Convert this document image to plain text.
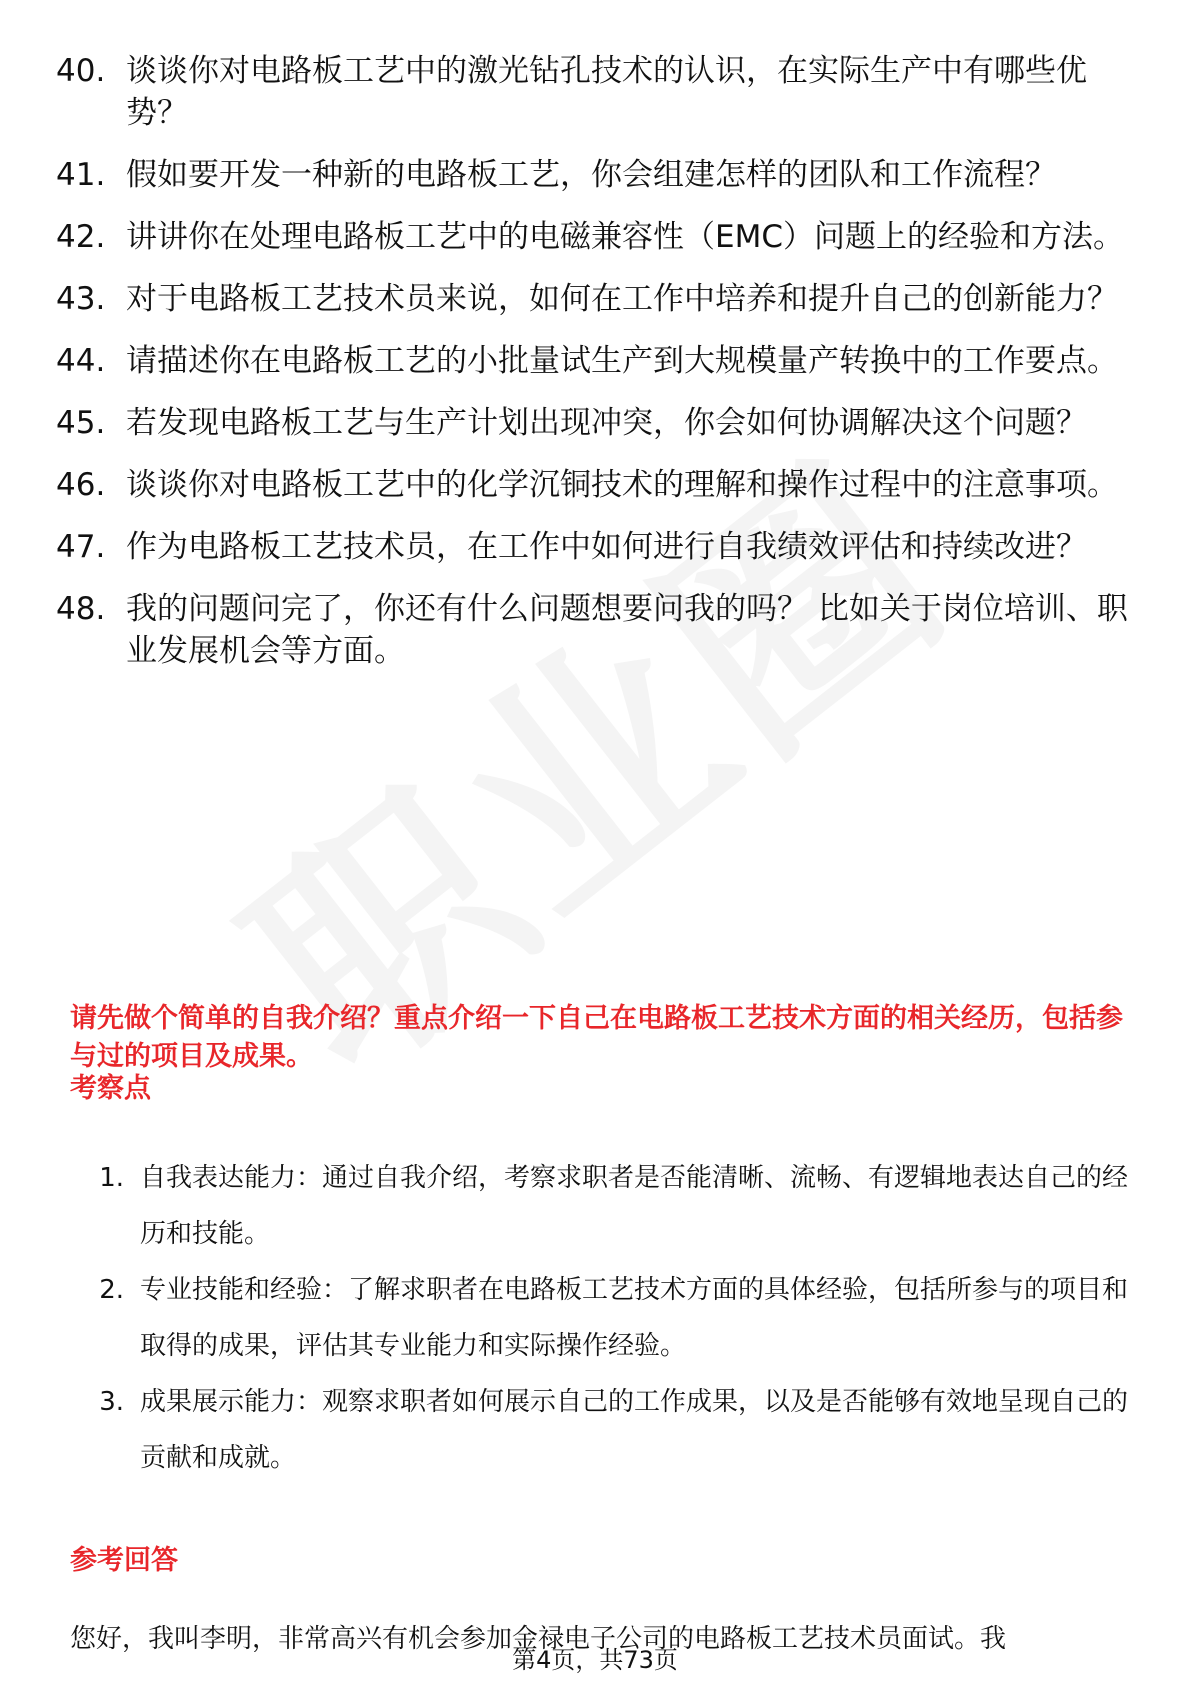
40. 谈谈你对电路板工艺中的激光钻孔技术的认识，在实际生产中有哪些优势？
41. 假如要开发一种新的电路板工艺，你会组建怎样的团队和工作流程？
42. 讲讲你在处理电路板工艺中的电磁兼容性（EMC）问题上的经验和方法。
43. 对于电路板工艺技术员来说，如何在工作中培养和提升自己的创新能力？
44. 请描述你在电路板工艺的小批量试生产到大规模量产转换中的工作要点。
45. 若发现电路板工艺与生产计划出现冲突，你会如何协调解决这个问题？
46. 谈谈你对电路板工艺中的化学沉铜技术的理解和操作过程中的注意事项。
47. 作为电路板工艺技术员，在工作中如何进行自我绩效评估和持续改进？
48. 我的问题问完了，你还有什么问题想要问我的吗？ 比如关于岗位培训、职业发展机会等方面。
请先做个简单的自我介绍？重点介绍一下自己在电路板工艺技术方面的相关经历，包括参与过的项目及成果。
考察点
1. 自我表达能力：通过自我介绍，考察求职者是否能清晰、流畅、有逻辑地表达自己的经历和技能。
2. 专业技能和经验：了解求职者在电路板工艺技术方面的具体经验，包括所参与的项目和取得的成果，评估其专业能力和实际操作经验。
3. 成果展示能力：观察求职者如何展示自己的工作成果，以及是否能够有效地呈现自己的贡献和成就。
参考回答
您好，我叫李明，非常高兴有机会参加金禄电子公司的电路板工艺技术员面试。我
第4页，共73页
